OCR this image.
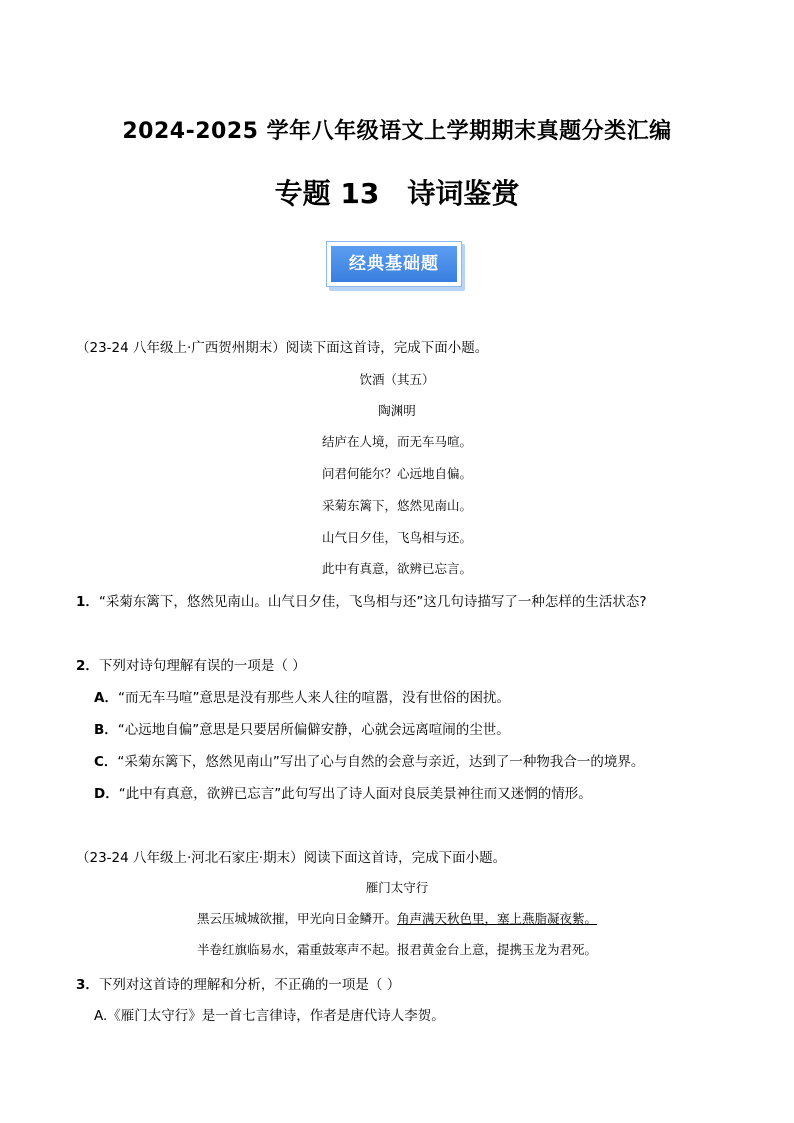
2024-2025 学年八年级语文上学期期末真题分类汇编
专题 13 诗词鉴赏
经典基础题
（23-24 八年级上·广西贺州期末）阅读下面这首诗，完成下面小题。
饮酒（其五）
陶渊明
结庐在人境，而无车马喧。
问君何能尔？心远地自偏。
采菊东篱下，悠然见南山。
山气日夕佳，飞鸟相与还。
此中有真意，欲辨已忘言。
1．“采菊东篱下，悠然见南山。山气日夕佳，飞鸟相与还”这几句诗描写了一种怎样的生活状态?
2．下列对诗句理解有误的一项是（ ）
A．“而无车马喧”意思是没有那些人来人往的喧嚣，没有世俗的困扰。
B．“心远地自偏”意思是只要居所偏僻安静，心就会远离喧闹的尘世。
C．“采菊东篱下，悠然见南山”写出了心与自然的会意与亲近，达到了一种物我合一的境界。
D．“此中有真意，欲辨已忘言”此句写出了诗人面对良辰美景神往而又迷惘的情形。
（23-24 八年级上·河北石家庄·期末）阅读下面这首诗，完成下面小题。
雁门太守行
黑云压城城欲摧，甲光向日金鳞开。角声满天秋色里，塞上燕脂凝夜紫。
半卷红旗临易水，霜重鼓寒声不起。报君黄金台上意，提携玉龙为君死。
3．下列对这首诗的理解和分析，不正确的一项是（ ）
A.《雁门太守行》是一首七言律诗，作者是唐代诗人李贺。
